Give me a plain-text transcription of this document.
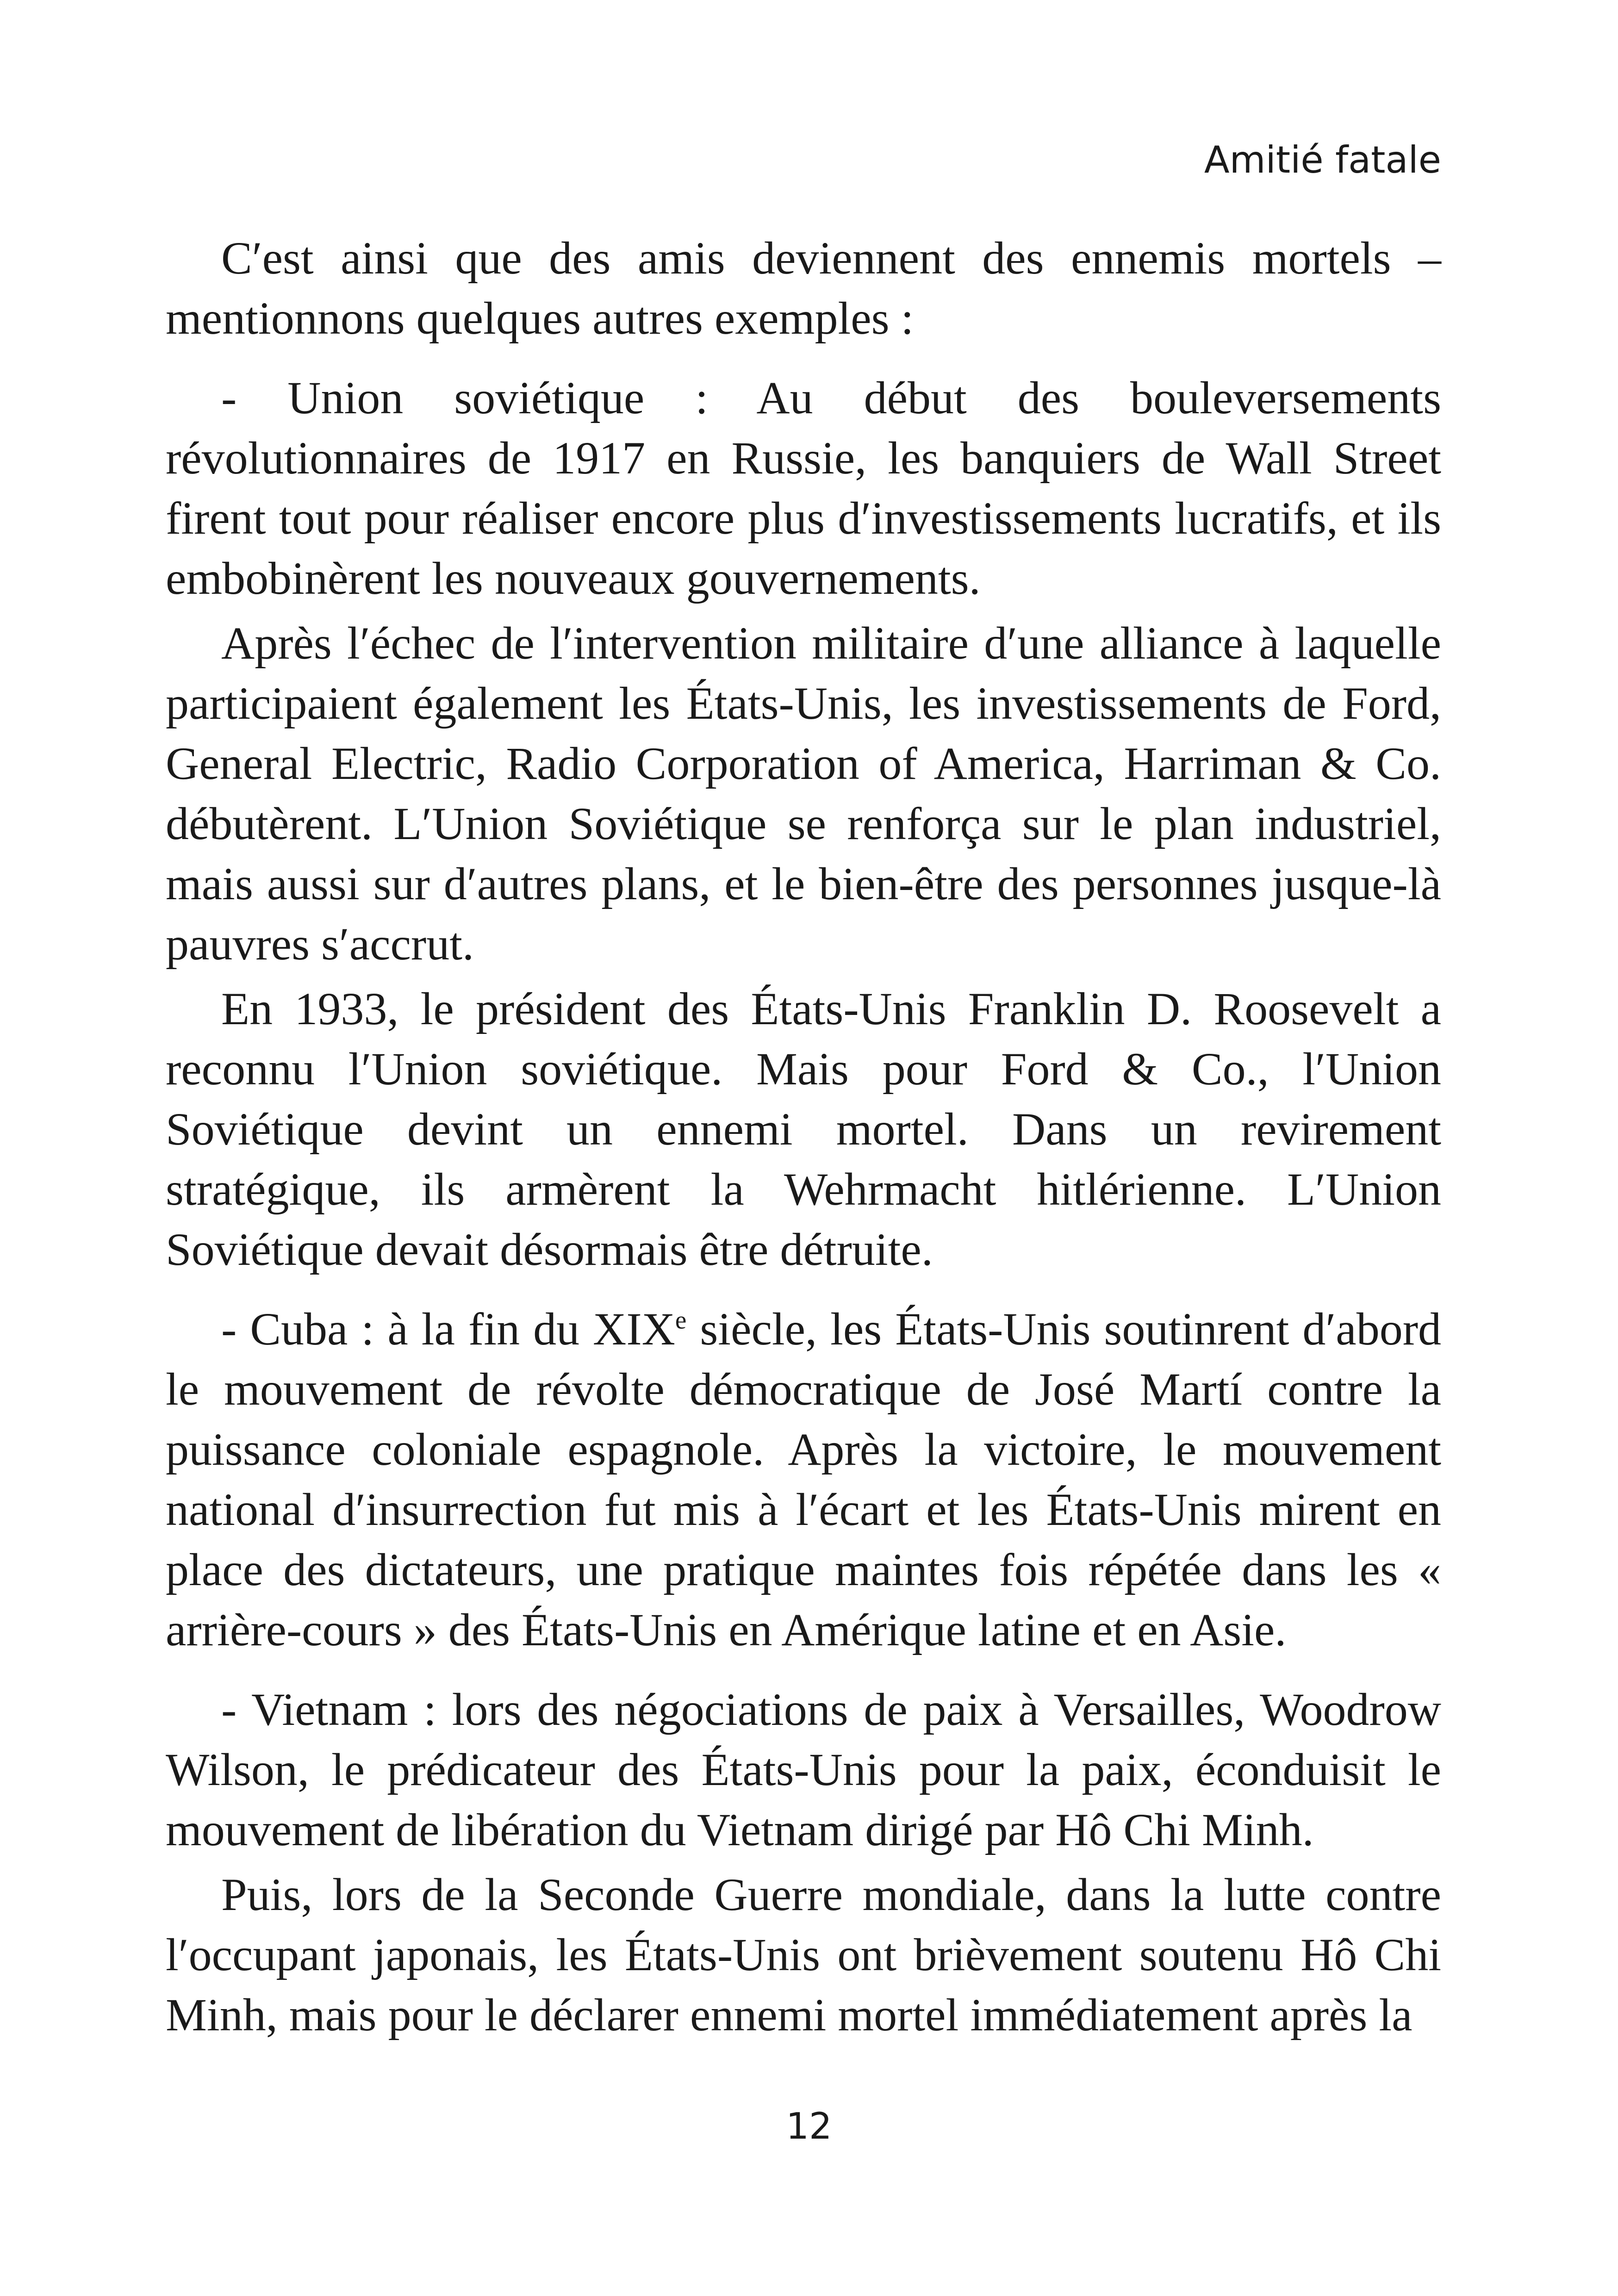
Amitié fatale

C′est ainsi que des amis deviennent des ennemis mortels – mentionnons quelques autres exemples :

- Union soviétique : Au début des bouleversements révolutionnaires de 1917 en Russie, les banquiers de Wall Street firent tout pour réaliser encore plus d′investissements lucratifs, et ils embobinèrent les nouveaux gouvernements.

Après l′échec de l′intervention militaire d′une alliance à laquelle participaient également les États-Unis, les investissements de Ford, General Electric, Radio Corporation of America, Harriman & Co. débutèrent. L′Union Soviétique se renforça sur le plan industriel, mais aussi sur d′autres plans, et le bien-être des personnes jusque-là pauvres s′accrut.

En 1933, le président des États-Unis Franklin D. Roosevelt a reconnu l′Union soviétique. Mais pour Ford & Co., l′Union Soviétique devint un ennemi mortel. Dans un revirement stratégique, ils armèrent la Wehrmacht hitlérienne. L′Union Soviétique devait désormais être détruite.

- Cuba : à la fin du XIXe siècle, les États-Unis soutinrent d′abord le mouvement de révolte démocratique de José Martí contre la puissance coloniale espagnole. Après la victoire, le mouvement national d′insurrection fut mis à l′écart et les États-Unis mirent en place des dictateurs, une pratique maintes fois répétée dans les « arrière-cours » des États-Unis en Amérique latine et en Asie.

- Vietnam : lors des négociations de paix à Versailles, Woodrow Wilson, le prédicateur des États-Unis pour la paix, éconduisit le mouvement de libération du Vietnam dirigé par Hô Chi Minh.

Puis, lors de la Seconde Guerre mondiale, dans la lutte contre l′occupant japonais, les États-Unis ont brièvement soutenu Hô Chi Minh, mais pour le déclarer ennemi mortel immédiatement après la

12
